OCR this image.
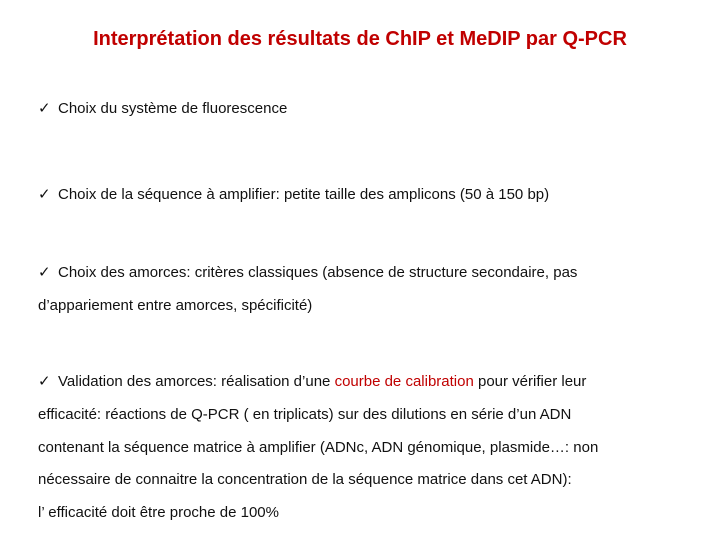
Interprétation des résultats de ChIP et MeDIP par Q-PCR
✓ Choix du système de fluorescence
✓ Choix de la séquence à amplifier: petite taille des amplicons (50 à 150 bp)
✓ Choix des amorces: critères classiques (absence de structure secondaire, pas
d’appariement entre amorces, spécificité)
✓ Validation des amorces: réalisation d’une courbe de calibration pour vérifier leur
efficacité: réactions de Q-PCR ( en triplicats) sur des dilutions en série d’un ADN
contenant la séquence matrice à amplifier (ADNc, ADN génomique, plasmide…: non
nécessaire de connaitre la concentration de la séquence matrice dans cet ADN):
l’ efficacité doit être proche de 100%
